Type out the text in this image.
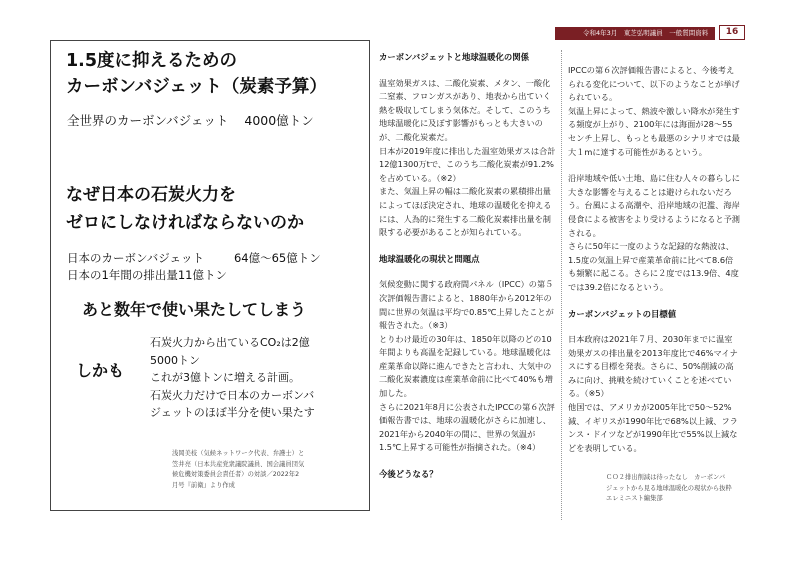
令和4年3月　東芝弘明議員　一般質問資料	16
1.5度に抑えるための
カーボンバジェット（炭素予算）
全世界のカーボンバジェット 4000億トン
なぜ日本の石炭火力を
ゼロにしなければならないのか
日本のカーボンバジェット	64億〜65億トン
日本の1年間の排出量11億トン
あと数年で使い果たしてしまう
しかも
石炭火力から出ているCO₂は2億
5000トン
これが3億トンに増える計画。
石炭火力だけで日本のカーボンバ
ジェットのほぼ半分を使い果たす
浅岡美枝（気候ネットワーク代表、弁護士）と
笠井亮（日本共産党衆議院議員、国会議員団気
候危機対策委員会責任者）の対談／2022年2
月号『前衛』より作成
カーボンバジェットと地球温暖化の関係

温室効果ガスは、二酸化炭素、メタン、一酸化二窒素、フロンガスがあり、地表から出ていく熱を吸収してしまう気体だ。そして、このうち地球温暖化に及ぼす影響がもっとも大きいのが、二酸化炭素だ。

日本が2019年度に排出した温室効果ガスは合計12億1300万tで、このうち二酸化炭素が91.2%を占めている。（※2）

また、気温上昇の幅は二酸化炭素の累積排出量によってほぼ決定され、地球の温暖化を抑えるには、人為的に発生する二酸化炭素排出量を制限する必要があることが知られている。

地球温暖化の現状と問題点

気候変動に関する政府間パネル（IPCC）の第５次評価報告書によると、1880年から2012年の間に世界の気温は平均で0.85℃上昇したことが報告された。（※3）

とりわけ最近の30年は、1850年以降のどの10年間よりも高温を記録している。地球温暖化は産業革命以降に進んできたと言われ、大気中の二酸化炭素濃度は産業革命前に比べて40%も増加した。

さらに2021年8月に公表されたIPCCの第６次評価報告書では、地球の温暖化がさらに加速し、2021年から2040年の間に、世界の気温が1.5℃上昇する可能性が指摘された。（※4）

今後どうなる？

IPCCの第６次評価報告書によると、今後考えられる変化について、以下のようなことが挙げられている。

気温上昇によって、熱波や激しい降水が発生する頻度が上がり、2100年には海面が28〜55センチ上昇し、もっとも最悪のシナリオでは最大１mに達する可能性があるという。

沿岸地域や低い土地、島に住む人々の暮らしに大きな影響を与えることは避けられないだろう。台風による高潮や、沿岸地域の氾濫、海岸侵食による被害をより受けるようになると予測される。

さらに50年に一度のような記録的な熱波は、1.5度の気温上昇で産業革命前に比べて8.6倍も頻繁に起こる。さらに２度では13.9倍、4度では39.2倍になるという。

カーボンバジェットの目標値

日本政府は2021年７月、2030年までに温室効果ガスの排出量を2013年度比で46%マイナスにする目標を発表。さらに、50%削減の高みに向け、挑戦を続けていくことを述べている。（※5）

他国では、アメリカが2005年比で50〜52%減、イギリスが1990年比で68%以上減、フランス・ドイツなどが1990年比で55%以上減などを表明している。

ＣＯ２排出削減は待ったなし　カーボンバ
ジェットから見る地球温暖化の現状から抜粋
エレミニスト編集部
